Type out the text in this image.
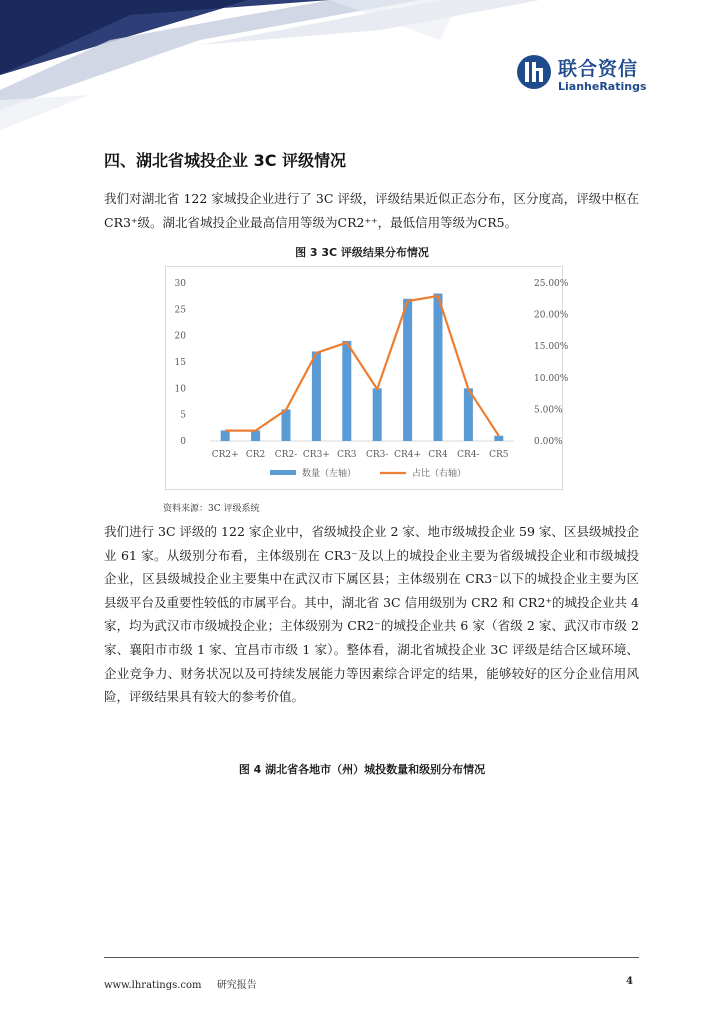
联合资信
LianheRatings
四、湖北省城投企业 3C 评级情况

我们对湖北省 122 家城投企业进行了 3C 评级，评级结果近似正态分布，区分度高，评级中枢在CR3⁺级。湖北省城投企业最高信用等级为CR2⁺⁺，最低信用等级为CR5。

图 3 3C 评级结果分布情况
0
5
10
15
20
25
30
0.00%
5.00%
10.00%
15.00%
20.00%
25.00%
CR2+ CR2 CR2- CR3+ CR3 CR3- CR4+ CR4 CR4- CR5
数量（左轴）	占比（右轴）
资料来源：3C 评级系统

我们进行 3C 评级的 122 家企业中，省级城投企业 2 家、地市级城投企业 59 家、区县级城投企业 61 家。从级别分布看，主体级别在 CR3⁻及以上的城投企业主要为省级城投企业和市级城投企业，区县级城投企业主要集中在武汉市下属区县；主体级别在 CR3⁻以下的城投企业主要为区县级平台及重要性较低的市属平台。其中，湖北省 3C 信用级别为 CR2 和 CR2⁺的城投企业共 4 家，均为武汉市市级城投企业；主体级别为 CR2⁻的城投企业共 6 家（省级 2 家、武汉市市级 2 家、襄阳市市级 1 家、宜昌市市级 1 家）。整体看，湖北省城投企业 3C 评级是结合区域环境、企业竞争力、财务状况以及可持续发展能力等因素综合评定的结果，能够较好的区分企业信用风险，评级结果具有较大的参考价值。

图 4 湖北省各地市（州）城投数量和级别分布情况
www.lhratings.com 研究报告	4
